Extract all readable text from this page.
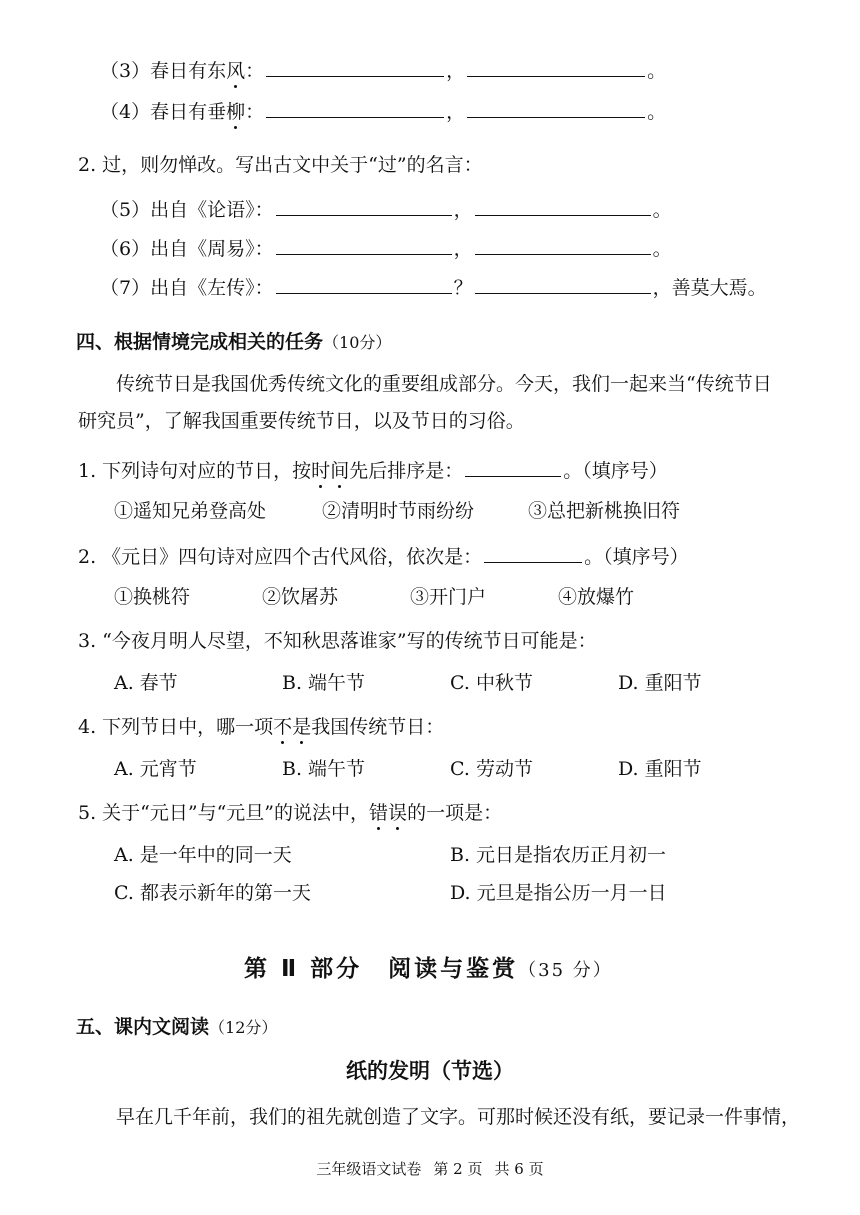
（3）春日有东风：	，	。
（4）春日有垂柳：	，	。
2. 过，则勿惮改。写出古文中关于“过”的名言：
（5）出自《论语》：	，	。
（6）出自《周易》：	，	。
（7）出自《左传》：	？	，善莫大焉。
四、根据情境完成相关的任务（10分）
传统节日是我国优秀传统文化的重要组成部分。今天，我们一起来当“传统节日
研究员”，了解我国重要传统节日，以及节日的习俗。
1. 下列诗句对应的节日，按时间先后排序是：	。（填序号）
①遥知兄弟登高处	②清明时节雨纷纷	③总把新桃换旧符
2. 《元日》四句诗对应四个古代风俗，依次是：	。（填序号）
①换桃符	②饮屠苏	③开门户	④放爆竹
3. “今夜月明人尽望，不知秋思落谁家”写的传统节日可能是：
A. 春节	B. 端午节	C. 中秋节	D. 重阳节
4. 下列节日中，哪一项不是我国传统节日：
A. 元宵节	B. 端午节	C. 劳动节	D. 重阳节
5. 关于“元日”与“元旦”的说法中，错误的一项是：
A. 是一年中的同一天	B. 元日是指农历正月初一
C. 都表示新年的第一天	D. 元旦是指公历一月一日
第 Ⅱ 部分　阅读与鉴赏（35 分）
五、课内文阅读（12分）
纸的发明（节选）
早在几千年前，我们的祖先就创造了文字。可那时候还没有纸，要记录一件事情，
三年级语文试卷 第 2 页 共 6 页
